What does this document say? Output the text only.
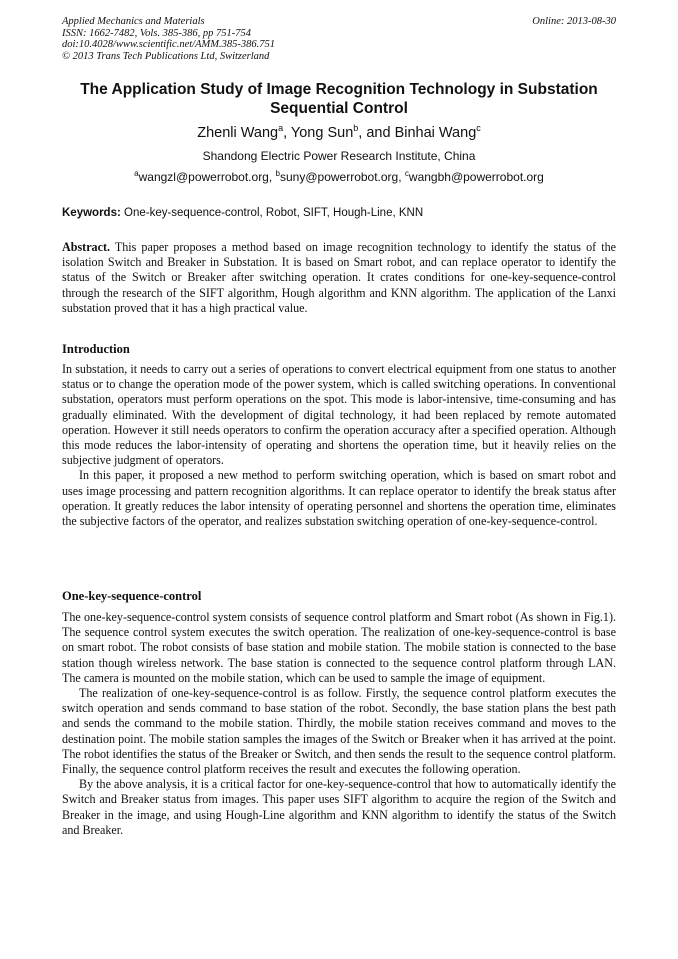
Applied Mechanics and Materials
ISSN: 1662-7482, Vols. 385-386, pp 751-754
doi:10.4028/www.scientific.net/AMM.385-386.751
© 2013 Trans Tech Publications Ltd, Switzerland
Online: 2013-08-30
The Application Study of Image Recognition Technology in Substation Sequential Control
Zhenli Wang$^a$, Yong Sun$^b$, and Binhai Wang$^c$
Shandong Electric Power Research Institute, China
$^a$wangzl@powerrobot.org, $^b$suny@powerrobot.org, $^c$wangbh@powerrobot.org
Keywords: One-key-sequence-control, Robot, SIFT, Hough-Line, KNN

Abstract. This paper proposes a method based on image recognition technology to identify the status of the isolation Switch and Breaker in Substation. It is based on Smart robot, and can replace operator to identify the status of the Switch or Breaker after switching operation. It crates conditions for one-key-sequence-control through the research of the SIFT algorithm, Hough algorithm and KNN algorithm. The application of the Lanxi substation proved that it has a high practical value.

Introduction

In substation, it needs to carry out a series of operations to convert electrical equipment from one status to another status or to change the operation mode of the power system, which is called switching operations. In conventional substation, operators must perform operations on the spot. This mode is labor-intensive, time-consuming and has gradually eliminated. With the development of digital technology, it had been replaced by remote automated operation. However it still needs operators to confirm the operation accuracy after a specified operation. Although this mode reduces the labor-intensity of operating and shortens the operation time, but it heavily relies on the subjective judgment of operators.

In this paper, it proposed a new method to perform switching operation, which is based on smart robot and uses image processing and pattern recognition algorithms. It can replace operator to identify the break status after operation. It greatly reduces the labor intensity of operating personnel and shortens the operation time, eliminates the subjective factors of the operator, and realizes substation switching operation of one-key-sequence-control.

One-key-sequence-control

The one-key-sequence-control system consists of sequence control platform and Smart robot (As shown in Fig.1). The sequence control system executes the switch operation. The realization of one-key-sequence-control is base on smart robot. The robot consists of base station and mobile station. The mobile station is connected to the base station though wireless network. The base station is connected to the sequence control platform through LAN. The camera is mounted on the mobile station, which can be used to sample the image of equipment.

The realization of one-key-sequence-control is as follow. Firstly, the sequence control platform executes the switch operation and sends command to base station of the robot. Secondly, the base station plans the best path and sends the command to the mobile station. Thirdly, the mobile station receives command and moves to the destination point. The mobile station samples the images of the Switch or Breaker when it has arrived at the point. The robot identifies the status of the Breaker or Switch, and then sends the result to the sequence control platform. Finally, the sequence control platform receives the result and executes the following operation.

By the above analysis, it is a critical factor for one-key-sequence-control that how to automatically identify the Switch and Breaker status from images. This paper uses SIFT algorithm to acquire the region of the Switch and Breaker in the image, and using Hough-Line algorithm and KNN algorithm to identify the status of the Switch and Breaker.
